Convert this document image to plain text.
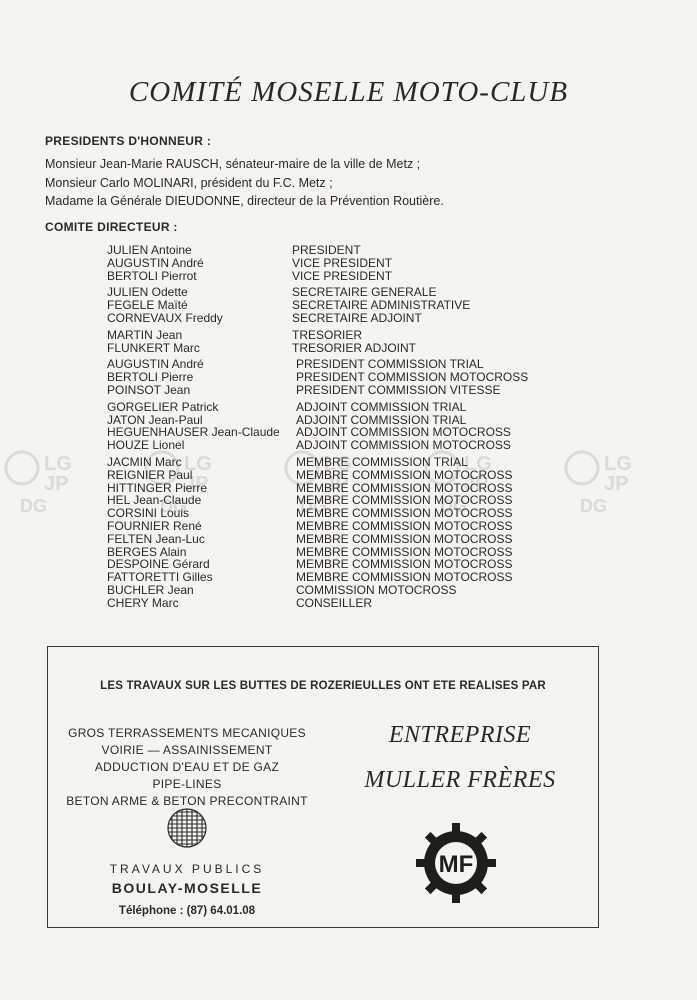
COMITÉ MOSELLE MOTO-CLUB
PRESIDENTS D'HONNEUR :
Monsieur Jean-Marie RAUSCH, sénateur-maire de la ville de Metz ;
Monsieur Carlo MOLINARI, président du F.C. Metz ;
Madame la Générale DIEUDONNE, directeur de la Prévention Routière.
COMITE DIRECTEUR :
JULIEN Antoine	PRESIDENT
AUGUSTIN André	VICE PRESIDENT
BERTOLI Pierrot	VICE PRESIDENT
JULIEN Odette	SECRETAIRE GENERALE
FEGELE Maïté	SECRETAIRE ADMINISTRATIVE
CORNEVAUX Freddy	SECRETAIRE ADJOINT
MARTIN Jean	TRESORIER
FLUNKERT Marc	TRESORIER ADJOINT
AUGUSTIN André	PRESIDENT COMMISSION TRIAL
BERTOLI Pierre	PRESIDENT COMMISSION MOTOCROSS
POINSOT Jean	PRESIDENT COMMISSION VITESSE
GORGELIER Patrick	ADJOINT COMMISSION TRIAL
JATON Jean-Paul	ADJOINT COMMISSION TRIAL
HEGUENHAUSER Jean-Claude ADJOINT COMMISSION MOTOCROSS
HOUZE Lionel	ADJOINT COMMISSION MOTOCROSS
JACMIN Marc	MEMBRE COMMISSION TRIAL
REIGNIER Paul	MEMBRE COMMISSION MOTOCROSS
HITTINGER Pierre	MEMBRE COMMISSION MOTOCROSS
HEL Jean-Claude	MEMBRE COMMISSION MOTOCROSS
CORSINI Louis	MEMBRE COMMISSION MOTOCROSS
FOURNIER René	MEMBRE COMMISSION MOTOCROSS
FELTEN Jean-Luc	MEMBRE COMMISSION MOTOCROSS
BERGES Alain	MEMBRE COMMISSION MOTOCROSS
DESPOINE Gérard	MEMBRE COMMISSION MOTOCROSS
FATTORETTI Gilles	MEMBRE COMMISSION MOTOCROSS
BUCHLER Jean	COMMISSION MOTOCROSS
CHERY Marc	CONSEILLER
LG
JP
DG
LES TRAVAUX SUR LES BUTTES DE ROZERIEULLES ONT ETE REALISES PAR
GROS TERRASSEMENTS MECANIQUES
VOIRIE — ASSAINISSEMENT
ADDUCTION D'EAU ET DE GAZ
PIPE-LINES
BETON ARME & BETON PRECONTRAINT
ENTREPRISE
MULLER FRÈRES
TRAVAUX PUBLICS
BOULAY-MOSELLE
Téléphone : (87) 64.01.08
MF
